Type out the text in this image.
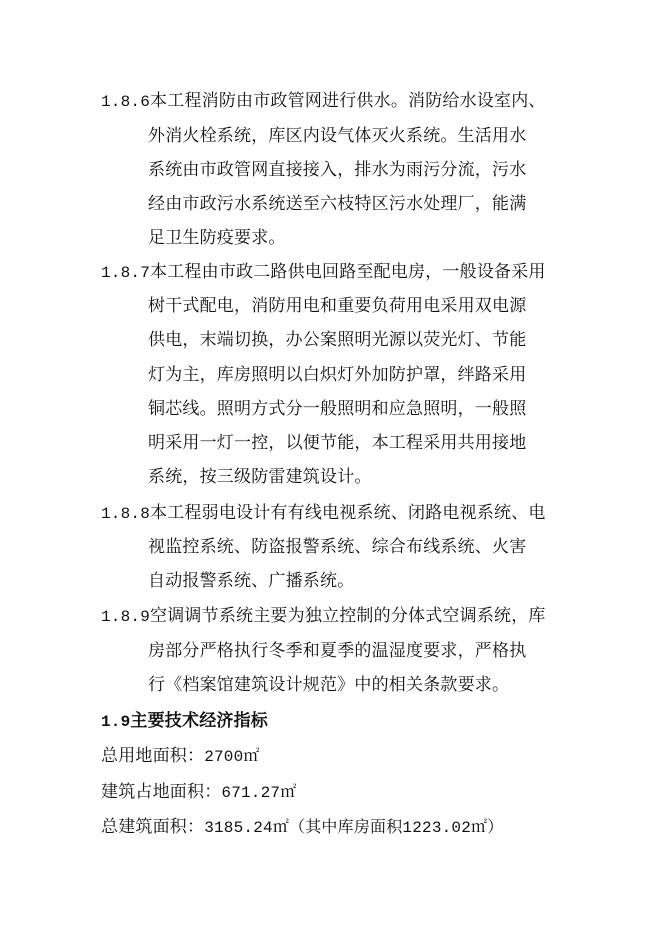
1.8.6本工程消防由市政管网进行供水。消防给水设室内、
外消火栓系统，库区内设气体灭火系统。生活用水
系统由市政管网直接接入，排水为雨污分流，污水
经由市政污水系统送至六枝特区污水处理厂，能满
足卫生防疫要求。
1.8.7本工程由市政二路供电回路至配电房，一般设备采用
树干式配电，消防用电和重要负荷用电采用双电源
供电，末端切换，办公案照明光源以荧光灯、节能
灯为主，库房照明以白炽灯外加防护罩，绊路采用
铜芯线。照明方式分一般照明和应急照明，一般照
明采用一灯一控，以便节能，本工程采用共用接地
系统，按三级防雷建筑设计。
1.8.8本工程弱电设计有有线电视系统、闭路电视系统、电
视监控系统、防盗报警系统、综合布线系统、火害
自动报警系统、广播系统。
1.8.9空调调节系统主要为独立控制的分体式空调系统，库
房部分严格执行冬季和夏季的温湿度要求，严格执
行《档案馆建筑设计规范》中的相关条款要求。
1.9主要技术经济指标
总用地面积：2700㎡
建筑占地面积：671.27㎡
总建筑面积：3185.24㎡（其中库房面积1223.02㎡）
